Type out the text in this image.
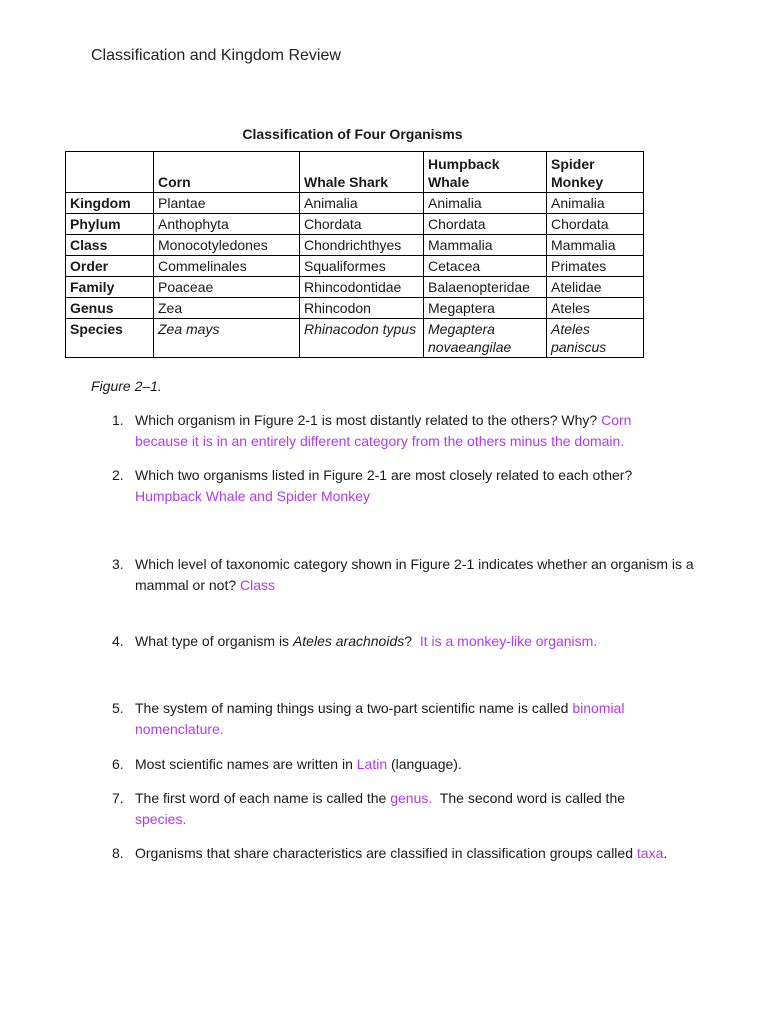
Classification and Kingdom Review
Classification of Four Organisms
	Corn	Whale Shark	Humpback Whale	Spider Monkey
Kingdom	Plantae	Animalia	Animalia	Animalia
Phylum	Anthophyta	Chordata	Chordata	Chordata
Class	Monocotyledones	Chondrichthyes	Mammalia	Mammalia
Order	Commelinales	Squaliformes	Cetacea	Primates
Family	Poaceae	Rhincodontidae	Balaenopteridae	Atelidae
Genus	Zea	Rhincodon	Megaptera	Ateles
Species	Zea mays	Rhinacodon typus	Megaptera novaeangilae	Ateles paniscus
Figure 2–1.
1. Which organism in Figure 2-1 is most distantly related to the others? Why? Corn because it is in an entirely different category from the others minus the domain.
2. Which two organisms listed in Figure 2-1 are most closely related to each other? Humpback Whale and Spider Monkey
3. Which level of taxonomic category shown in Figure 2-1 indicates whether an organism is a mammal or not? Class
4. What type of organism is Ateles arachnoids?  It is a monkey-like organism.
5. The system of naming things using a two-part scientific name is called binomial nomenclature.
6. Most scientific names are written in Latin (language).
7. The first word of each name is called the genus.  The second word is called the species.
8. Organisms that share characteristics are classified in classification groups called taxa.
